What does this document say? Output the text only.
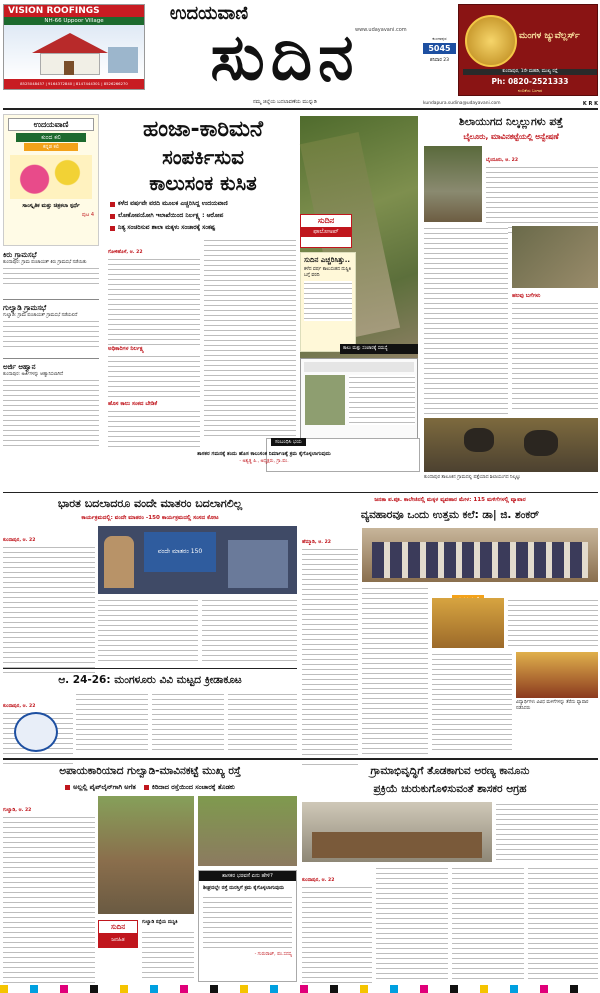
VISION ROOFINGS
NH-66 Uppoor Village
8525048457 | 9164372840 | 8147444301 | 8526266270
ಉದಯವಾಣಿ
www.udayavani.com
ಸುದಿನ	ಕುಂದಾಪುರ
5045
ಶನಿವಾರ 23
ನಮ್ಮ ಜಿಲ್ಲೆಯ ಬದಲಾವಣೆಯ ಮುನ್ನುಡಿ	kundapura.sudina@udayavani.com	K R K
ಮಂಗಳ ಜ್ಯುವೆಲ್ಲರ್ಸ್
ಕುಂದಾಪುರ, 1ನೇ ಮಹಡಿ, ಮುಖ್ಯ ರಸ್ತೆ
Ph: 0820-2521333
ನಂಬಿಕೆಯ ಬಂಗಾರ
ಉದಯವಾಣಿ
ಕುಂದ ಕಲಿ
ಕನ್ನಡ ಕಲಿ
ಸಾಂಸ್ಕೃತಿಕ ಮತ್ತು ಚಿತ್ರಕಲಾ ಸ್ಪರ್ಧೆ
ಪುಟ 4
ಕಿರು ಗ್ರಾಮಸಭೆ
ಕುಂದಾಪುರ: ಗ್ರಾಮ ಪಂಚಾಯತ್ ಕಿರು ಗ್ರಾಮಸಭೆ ನಡೆಯಿತು
ಗುಲ್ವಾಡಿ ಗ್ರಾಮಸಭೆ
ಗುಲ್ವಾಡಿ: ಗ್ರಾಮ ಪಂಚಾಯತ್ ಗ್ರಾಮಸಭೆ ನಡೆಯಲಿದೆ
ಅರ್ಜಿ ಆಹ್ವಾನ
ಕುಂದಾಪುರ: ಅರ್ಜಿಗಳನ್ನು ಆಹ್ವಾನಿಸಲಾಗಿದೆ
ಹಂಜಾ-ಕಾರಿಮನೆ
ಸಂಪರ್ಕಿಸುವ
ಕಾಲುಸಂಕ ಕುಸಿತ
ಕಳೆದ ವರ್ಷವೇ ವರದಿ ಮೂಲಕ ಎಚ್ಚರಿಸಿದ್ದ ಉದಯವಾಣಿ
ಲೋಕೋಪಯೋಗಿ ಇಲಾಖೆಯಿಂದ ನಿರ್ಲಕ್ಷ್ಯ : ಆರೋಪ
ನಿತ್ಯ ಸಂಚರಿಸುವ ಶಾಲಾ ಮಕ್ಕಳು ಸಂಚಾರಕ್ಕೆ ಸಂಕಷ್ಟ
ಗೋಳಿಹೊಳೆ, ಆ. 22
ಅಧಿಕಾರಿಗಳ ನಿರ್ಲಕ್ಷ್ಯ
ಹೊಸ ಕಾಲು ಸಂಕದ ಬೇಡಿಕೆ
ಸುದಿನ
ಫಾಲೋಅಪ್
ಸುದಿನ ಎಚ್ಚರಿಸಿತ್ತು..
ಕಳೆದ ವರ್ಷ ಕಾಲುಸಂಕದ ದುಸ್ಥಿತಿ ಬಗ್ಗೆ ವರದಿ
ಕಾಲು ಮತ್ತು ಸಂಚಾರಕ್ಕೆ ಸಮಸ್ಯೆ
ಸಂಬಂಧಿಸಿ ಭಯ
ಶಾಸಕರ ಗಮನಕ್ಕೆ ತಂದು ಹೊಸ ಕಾಲುಸಂಕ ನಿರ್ಮಾಣಕ್ಕೆ ಕ್ರಮ ಕೈಗೊಳ್ಳಲಾಗುವುದು
- ಅಶ್ವತ್ಥ ಪಿ., ಅಧ್ಯಕ್ಷರು, ಗ್ರಾ.ಪಂ.
ಶಿಲಾಯುಗದ ನಿಲ್ಕಲ್ಲುಗಳು ಪತ್ತೆ
ಬೈಲೂರು, ಮಾವಿನಕಟ್ಟೆಯಲ್ಲಿ ಅನ್ವೇಷಣೆ
ಬೈಂದೂರು, ಆ. 22
ಹಲವು ಬಗೆಗಳು
ಕುಂದಾಪುರ ತಾಲೂಕಿನ ಗ್ರಾಮದಲ್ಲಿ ಪತ್ತೆಯಾದ ಶಿಲಾಯುಗದ ನಿಲ್ಕಲ್ಲು
ಭಾರತ ಬದಲಾದರೂ ವಂದೇ ಮಾತರಂ ಬದಲಾಗಲಿಲ್ಲ
ಕಾರ್ಯಕ್ರಮದಲ್ಲಿ: ವಂದೇ ಮಾತರಂ -150 ಕಾರ್ಯಕ್ರಮದಲ್ಲಿ ಸಂಸದ ಕೋಟ
ಕುಂದಾಪುರ, ಆ. 22
ವಂದೇ ಮಾತರಂ 150
ಆ. 24-26: ಮಂಗಳೂರು ವಿವಿ ಮಟ್ಟದ ಕ್ರೀಡಾಕೂಟ
ಕುಂದಾಪುರ, ಆ. 22
ಜನತಾ ಪ.ಪೂ. ಕಾಲೇಜಿನಲ್ಲಿ ಮಕ್ಕಳ ವ್ಯವಹಾರ ಮೇಳ: 115 ಮಳಿಗೆಗಳಲ್ಲಿ ವ್ಯಾಪಾರ
ವ್ಯವಹಾರವೂ ಒಂದು ಉತ್ತಮ ಕಲೆ: ಡಾ| ಜಿ. ಶಂಕರ್
ಹೆಮ್ಮಾಡಿ, ಆ. 22
ವಿದ್ಯಾರ್ಥಿಗಳು ವಿವಿಧ ಮಳಿಗೆಗಳನ್ನು ತೆರೆದು ವ್ಯಾಪಾರ ನಡೆಸಿದರು
ಅಪಾಯಕಾರಿಯಾದ ಗುಲ್ವಾಡಿ-ಮಾವಿನಕಟ್ಟೆ ಮುಖ್ಯ ರಸ್ತೆ
ಅಲ್ಲಲ್ಲಿ ಪೈಪ್‌ಲೈನ್‌ಗಾಗಿ ಅಗೆತ ಕಿರಿದಾದ ರಸ್ತೆಯಿಂದ ಸಂಚಾರಕ್ಕೆ ತೊಡಕು
ಗುಲ್ವಾಡಿ, ಆ. 22
ಸುದಿನ
ಜನಹಿತ
ಗುಲ್ವಾಡಿ ರಸ್ತೆಯ ದುಸ್ಥಿತಿ
ಶಾಸಕರ ಭರವಸೆ ಏನು ಹೇಳಿ?
ಶೀಘ್ರದಲ್ಲೇ ರಸ್ತೆ ದುರಸ್ತಿಗೆ ಕ್ರಮ ಕೈಗೊಳ್ಳಲಾಗುವುದು
- ಗುರುರಾಜ್, ಪಂ.ಸದಸ್ಯ
ಗ್ರಾಮಾಭಿವೃದ್ಧಿಗೆ ತೊಡಕಾಗುವ ಅರಣ್ಯ ಕಾನೂನು
ಪ್ರಕ್ರಿಯೆ ಚುರುಕುಗೊಳಿಸುವಂತೆ ಶಾಸಕರ ಆಗ್ರಹ
ಕುಂದಾಪುರ, ಆ. 22
